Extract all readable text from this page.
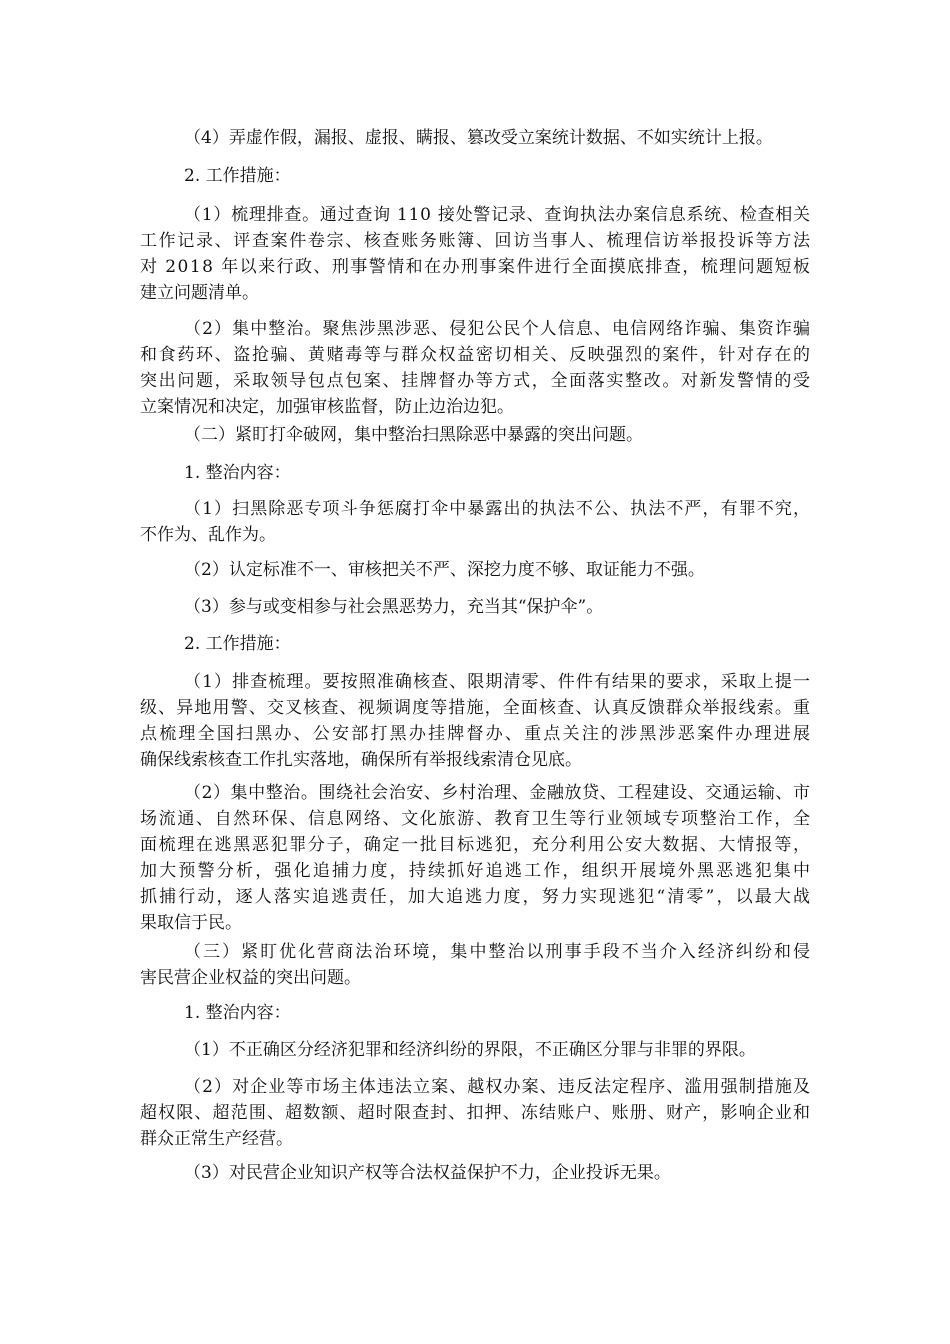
（4）弄虚作假，漏报、虚报、瞒报、篡改受立案统计数据、不如实统计上报。

2. 工作措施：

（1）梳理排查。通过查询 110 接处警记录、查询执法办案信息系统、检查相关
工作记录、评查案件卷宗、核查账务账簿、回访当事人、梳理信访举报投诉等方法
对 2018 年以来行政、刑事警情和在办刑事案件进行全面摸底排查，梳理问题短板
建立问题清单。

（2）集中整治。聚焦涉黑涉恶、侵犯公民个人信息、电信网络诈骗、集资诈骗
和食药环、盗抢骗、黄赌毒等与群众权益密切相关、反映强烈的案件，针对存在的
突出问题，采取领导包点包案、挂牌督办等方式，全面落实整改。对新发警情的受
立案情况和决定，加强审核监督，防止边治边犯。

（二）紧盯打伞破网，集中整治扫黑除恶中暴露的突出问题。

1. 整治内容：

（1）扫黑除恶专项斗争惩腐打伞中暴露出的执法不公、执法不严，有罪不究，
不作为、乱作为。

（2）认定标准不一、审核把关不严、深挖力度不够、取证能力不强。

（3）参与或变相参与社会黑恶势力，充当其“保护伞”。

2. 工作措施：

（1）排查梳理。要按照准确核查、限期清零、件件有结果的要求，采取上提一
级、异地用警、交叉核查、视频调度等措施，全面核查、认真反馈群众举报线索。重
点梳理全国扫黑办、公安部打黑办挂牌督办、重点关注的涉黑涉恶案件办理进展
确保线索核查工作扎实落地，确保所有举报线索清仓见底。

（2）集中整治。围绕社会治安、乡村治理、金融放贷、工程建设、交通运输、市
场流通、自然环保、信息网络、文化旅游、教育卫生等行业领域专项整治工作，全
面梳理在逃黑恶犯罪分子，确定一批目标逃犯，充分利用公安大数据、大情报等，
加大预警分析，强化追捕力度，持续抓好追逃工作，组织开展境外黑恶逃犯集中
抓捕行动，逐人落实追逃责任，加大追逃力度，努力实现逃犯“清零”，以最大战
果取信于民。

（三）紧盯优化营商法治环境，集中整治以刑事手段不当介入经济纠纷和侵
害民营企业权益的突出问题。

1. 整治内容：

（1）不正确区分经济犯罪和经济纠纷的界限，不正确区分罪与非罪的界限。

（2）对企业等市场主体违法立案、越权办案、违反法定程序、滥用强制措施及
超权限、超范围、超数额、超时限查封、扣押、冻结账户、账册、财产，影响企业和
群众正常生产经营。

（3）对民营企业知识产权等合法权益保护不力，企业投诉无果。
